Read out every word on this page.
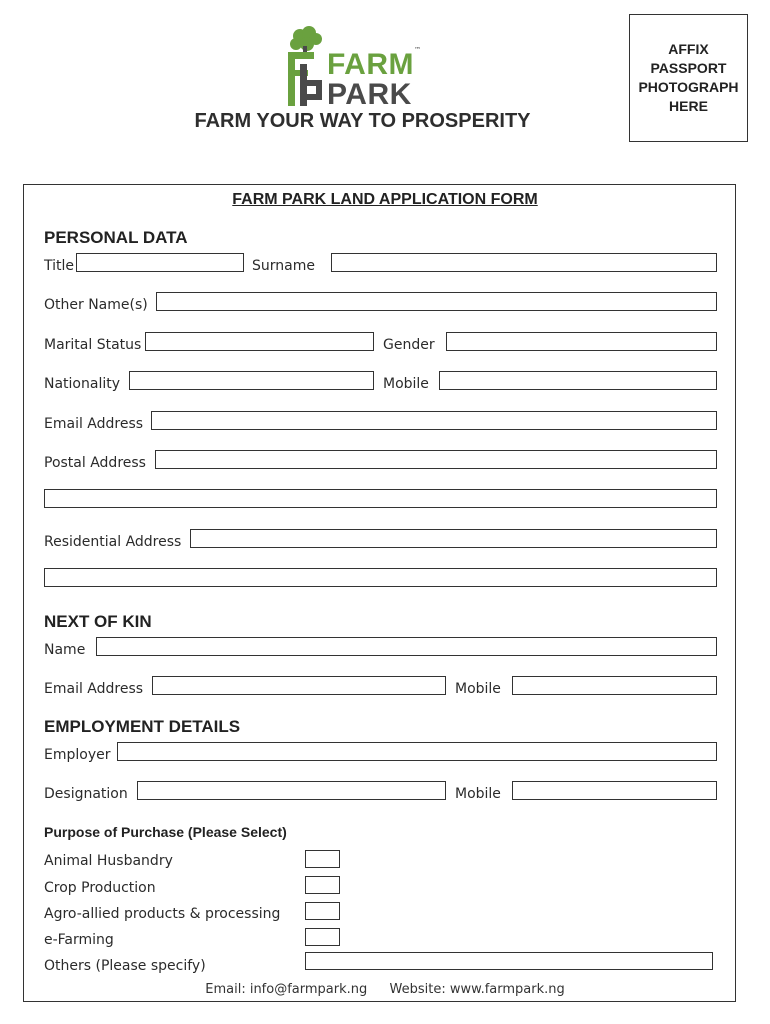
FARM ™
PARK
FARM YOUR WAY TO PROSPERITY
AFFIX
PASSPORT
PHOTOGRAPH
HERE
FARM PARK LAND APPLICATION FORM
PERSONAL DATA
Title	Surname
Other Name(s)
Marital Status	Gender
Nationality	Mobile
Email Address
Postal Address
Residential Address
NEXT OF KIN
Name
Email Address	Mobile
EMPLOYMENT DETAILS
Employer
Designation	Mobile
Purpose of Purchase (Please Select)
Animal Husbandry
Crop Production
Agro-allied products & processing
e-Farming
Others (Please specify)
Email: info@farmpark.ng Website: www.farmpark.ng
